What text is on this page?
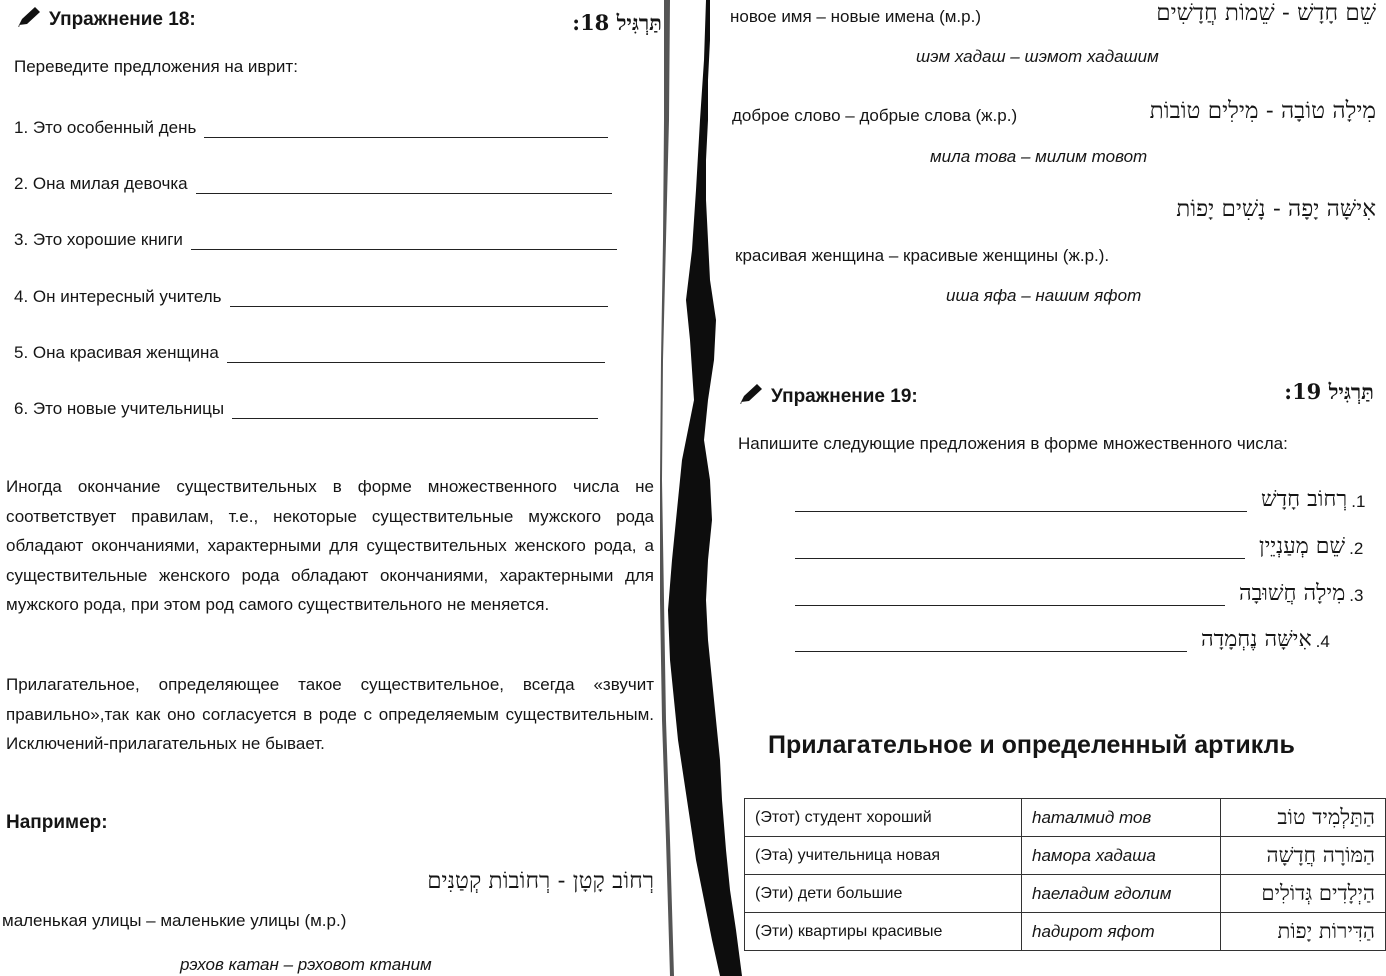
Упражнение 18:	תַּרְגִּיל 18:
Переведите предложения на иврит:
1. Это особенный день
2. Она милая девочка
3. Это хорошие книги
4. Он интересный учитель
5. Она красивая женщина
6. Это новые учительницы
Иногда окончание существительных в форме множественного числа не соответствует правилам, т.е., некоторые существительные мужского рода обладают окончаниями, характерными для существительных женского рода, а существительные женского рода обладают окончаниями, характерными для мужского рода, при этом род самого существительного не меняется.
Прилагательное, определяющее такое существительное, всегда «звучит правильно»,так как оно согласуется в роде с определяемым существительным. Исключений-прилагательных не бывает.
Например:
רְחוֹב קָטָן - רְחוֹבוֹת קְטַנִּים
маленькая улицы – маленькие улицы (м.р.)
рэхов катан – рэховот ктаним
שֵׁם חָדָשׁ - שֵׁמוֹת חֲדָשִׁים
новое имя – новые имена (м.р.)
шэм хадаш – шэмот хадашим
מִילָה טוֹבָה - מִילִים טוֹבוֹת
доброе слово – добрые слова (ж.р.)
мила това – милим товот
אִישָּׁה יָפָה - נָשִׁים יָפוֹת
красивая женщина – красивые женщины (ж.р.).
иша яфа – нашим яфот
Упражнение 19:	תַּרְגִּיל 19:
Напишите следующие предложения в форме множественного числа:
רְחוֹב חָדָשׁ .1
שֵׁם מְעַנְיֵין .2
מִילָה חֲשׁוּבָה .3
אִישָּׁה נֶחְמָדָה .4
Прилагательное и определенный артикль
(Этот) студент хороший	hаталмид тов	הַתַּלְמִיד טוֹב
(Эта) учительница новая	hамора хадаша	הַמּוֹרָה חֲדָשָׁה
(Эти) дети большие	hаеладим гдолим	הַיְלָדִים גְּדוֹלִים
(Эти) квартиры красивые	hадирот яфот	הַדִּירוֹת יָפוֹת
